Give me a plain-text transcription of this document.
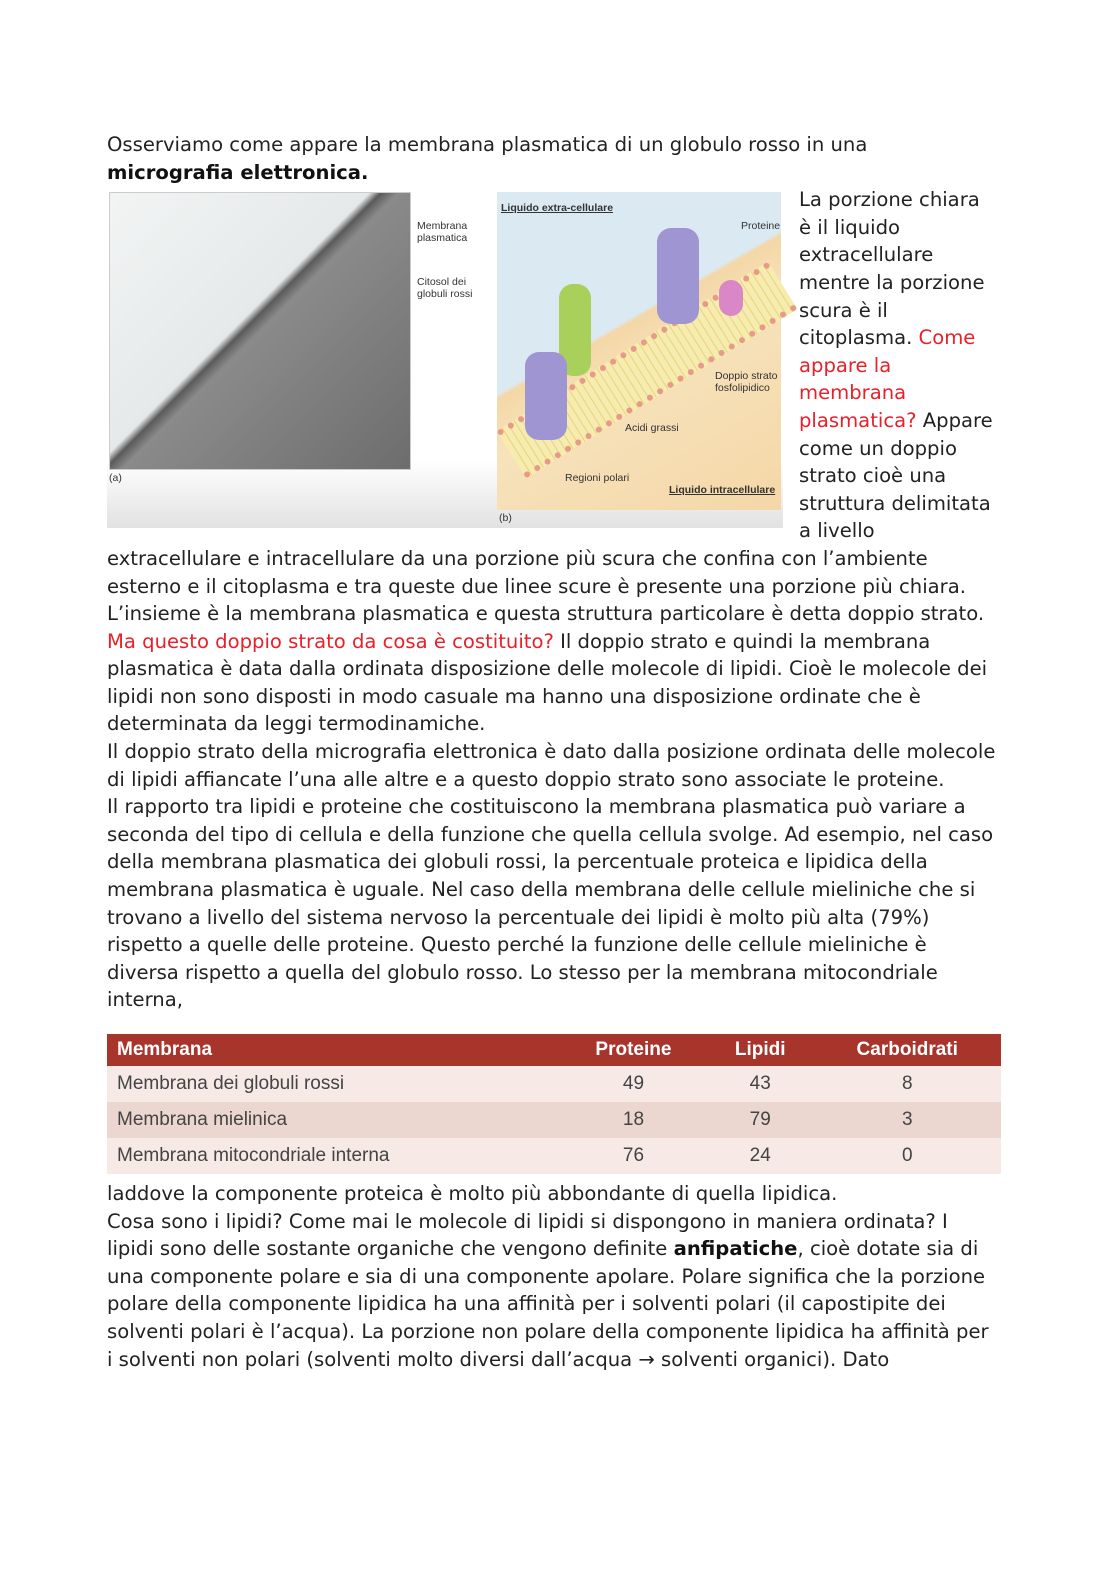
Osserviamo come appare la membrana plasmatica di un globulo rosso in una micrografia elettronica.

Membrana plasmatica
Citosol dei globuli rossi
(a)
Liquido extra-cellulare
Proteine
Doppio strato fosfolipidico
Acidi grassi
Regioni polari
Liquido intracellulare
(b)

La porzione chiara è il liquido extracellulare mentre la porzione scura è il citoplasma. Come appare la membrana plasmatica? Appare come un doppio strato cioè una struttura delimitata a livello extracellulare e intracellulare da una porzione più scura che confina con l’ambiente esterno e il citoplasma e tra queste due linee scure è presente una porzione più chiara. L’insieme è la membrana plasmatica e questa struttura particolare è detta doppio strato.

Ma questo doppio strato da cosa è costituito? Il doppio strato e quindi la membrana plasmatica è data dalla ordinata disposizione delle molecole di lipidi. Cioè le molecole dei lipidi non sono disposti in modo casuale ma hanno una disposizione ordinate che è determinata da leggi termodinamiche.

Il doppio strato della micrografia elettronica è dato dalla posizione ordinata delle molecole di lipidi affiancate l’una alle altre e a questo doppio strato sono associate le proteine.

Il rapporto tra lipidi e proteine che costituiscono la membrana plasmatica può variare a seconda del tipo di cellula e della funzione che quella cellula svolge. Ad esempio, nel caso della membrana plasmatica dei globuli rossi, la percentuale proteica e lipidica della membrana plasmatica è uguale. Nel caso della membrana delle cellule mieliniche che si trovano a livello del sistema nervoso la percentuale dei lipidi è molto più alta (79%) rispetto a quelle delle proteine. Questo perché la funzione delle cellule mieliniche è diversa rispetto a quella del globulo rosso. Lo stesso per la membrana mitocondriale interna,

Membrana	Proteine	Lipidi	Carboidrati
Membrana dei globuli rossi	49	43	8
Membrana mielinica	18	79	3
Membrana mitocondriale interna	76	24	0

laddove la componente proteica è molto più abbondante di quella lipidica.

Cosa sono i lipidi? Come mai le molecole di lipidi si dispongono in maniera ordinata? I lipidi sono delle sostante organiche che vengono definite anfipatiche, cioè dotate sia di una componente polare e sia di una componente apolare. Polare significa che la porzione polare della componente lipidica ha una affinità per i solventi polari (il capostipite dei solventi polari è l’acqua). La porzione non polare della componente lipidica ha affinità per i solventi non polari (solventi molto diversi dall’acqua → solventi organici). Dato
